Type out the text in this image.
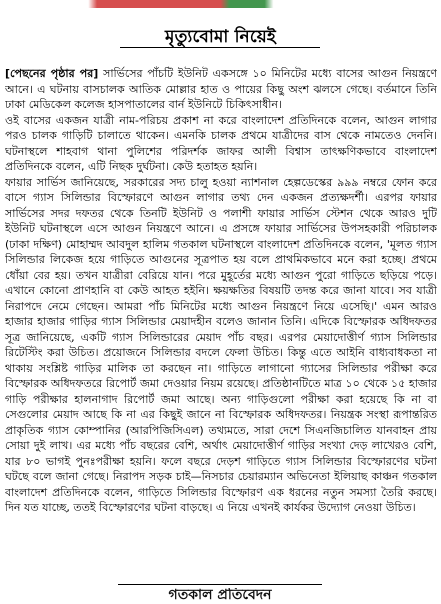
মৃত্যুবোমা নিয়েই

[পেছনের পৃষ্ঠার পর] সার্ভিসের পাঁচটি ইউনিট একসঙ্গে ১০ মিনিটের মধ্যে বাসের আগুন নিয়ন্ত্রণে আনে। এ ঘটনায় বাসচালক আতিক মোল্লার হাত ও পায়ের কিছু অংশ ঝলসে গেছে। বর্তমানে তিনি ঢাকা মেডিকেল কলেজ হাসপাতালের বার্ন ইউনিটে চিকিৎসাধীন।

ওই বাসের একজন যাত্রী নাম-পরিচয় প্রকাশ না করে বাংলাদেশ প্রতিদিনকে বলেন, আগুন লাগার পরও চালক গাড়িটি চালাতে থাকেন। এমনকি চালক প্রথমে যাত্রীদের বাস থেকে নামতেও দেননি। ঘটনাস্থলে শাহবাগ থানা পুলিশের পরিদর্শক জাফর আলী বিশ্বাস তাৎক্ষণিকভাবে বাংলাদেশ প্রতিদিনকে বলেন, এটি নিছক দুর্ঘটনা। কেউ হতাহত হয়নি।

ফায়ার সার্ভিস জানিয়েছে, সরকারের সদ্য চালু হওয়া ন্যাশনাল হেল্পডেস্কের ৯৯৯ নম্বরে ফোন করে বাসে গ্যাস সিলিন্ডার বিস্ফোরণে আগুন লাগার তথ্য দেন একজন প্রত্যক্ষদর্শী। এরপর ফায়ার সার্ভিসের সদর দফতর থেকে তিনটি ইউনিট ও পলাশী ফায়ার সার্ভিস স্টেশন থেকে আরও দুটি ইউনিট ঘটনাস্থলে এসে আগুন নিয়ন্ত্রণে আনে। এ প্রসঙ্গে ফায়ার সার্ভিসের উপসহকারী পরিচালক (ঢাকা দক্ষিণ) মোহাম্মদ আবদুল হালিম গতকাল ঘটনাস্থলে বাংলাদেশ প্রতিদিনকে বলেন, 'মূলত গ্যাস সিলিন্ডার লিকেজ হয়ে গাড়িতে আগুনের সূত্রপাত হয় বলে প্রাথমিকভাবে মনে করা হচ্ছে। প্রথমে ধোঁয়া বের হয়। তখন যাত্রীরা বেরিয়ে যান। পরে মুহূর্তের মধ্যে আগুন পুরো গাড়িতে ছড়িয়ে পড়ে। এখানে কোনো প্রাণহানি বা কেউ আহত হইনি। ক্ষয়ক্ষতির বিষয়টি তদন্ত করে জানা যাবে। সব যাত্রী নিরাপদে নেমে গেছেন। আমরা পাঁচ মিনিটের মধ্যে আগুন নিয়ন্ত্রণে নিয়ে এসেছি।' এমন আরও হাজার হাজার গাড়ির গ্যাস সিলিন্ডার মেয়াদহীন বলেও জানান তিনি। এদিকে বিস্ফোরক অধিদফতর সূত্র জানিয়েছে, একটি গ্যাস সিলিন্ডারের মেয়াদ পাঁচ বছর। এরপর মেয়াদোত্তীর্ণ গ্যাস সিলিন্ডার রিটেস্টিং করা উচিত। প্রয়োজনে সিলিন্ডার বদলে ফেলা উচিত। কিন্তু এতে আইনি বাধ্যবাধকতা না থাকায় সংশ্লিষ্ট গাড়ির মালিক তা করছেন না। গাড়িতে লাগানো গ্যাসের সিলিন্ডার পরীক্ষা করে বিস্ফোরক অধিদফতরে রিপোর্ট জমা দেওয়ার নিয়ম রয়েছে। প্রতিষ্ঠানটিতে মাত্র ১০ থেকে ১৫ হাজার গাড়ি পরীক্ষার হালনাগাদ রিপোর্ট জমা আছে। অন্য গাড়িগুলো পরীক্ষা করা হয়েছে কি না বা সেগুলোর মেয়াদ আছে কি না এর কিছুই জানে না বিস্ফোরক অধিদফতর। নিয়ন্ত্রক সংস্থা রূপান্তরিত প্রাকৃতিক গ্যাস কোম্পানির (আরপিজিসিএল) তথ্যমতে, সারা দেশে সিএনজিচালিত যানবাহন প্রায় সোয়া দুই লাখ। এর মধ্যে পাঁচ বছরের বেশি, অর্থাৎ মেয়াদোত্তীর্ণ গাড়ির সংখ্যা দেড় লাখেরও বেশি, যার ৮০ ভাগই পুনঃপরীক্ষা হয়নি। ফলে বছরে দেড়শ গাড়িতে গ্যাস সিলিন্ডার বিস্ফোরণের ঘটনা ঘটছে বলে জানা গেছে। নিরাপদ সড়ক চাই—নিসচার চেয়ারম্যান অভিনেতা ইলিয়াছ কাঞ্চন গতকাল বাংলাদেশ প্রতিদিনকে বলেন, গাড়িতে সিলিন্ডার বিস্ফোরণ এক ধরনের নতুন সমস্যা তৈরি করছে। দিন যত যাচ্ছে, ততই বিস্ফোরণের ঘটনা বাড়ছে। এ নিয়ে এখনই কার্যকর উদ্যোগ নেওয়া উচিত।

গতকাল প্রতিবেদন
